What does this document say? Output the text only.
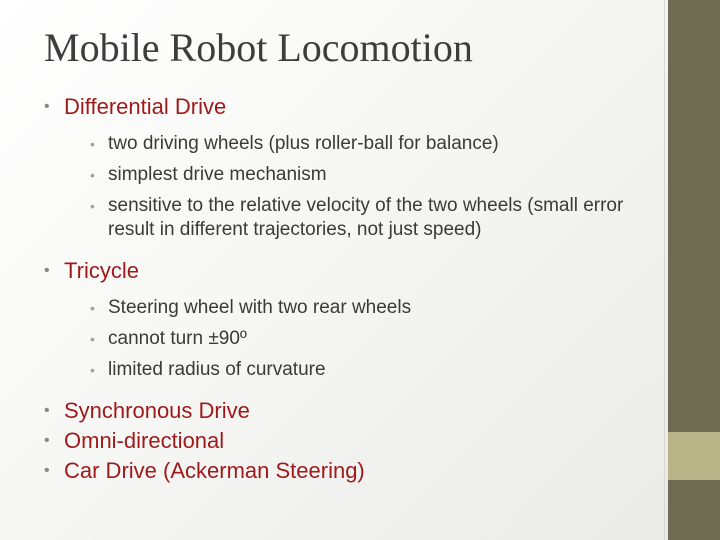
Mobile Robot Locomotion
• Differential Drive
• two driving wheels (plus roller-ball for balance)
• simplest drive mechanism
• sensitive to the relative velocity of the two wheels (small error result in different trajectories, not just speed)
• Tricycle
• Steering wheel with two rear wheels
• cannot turn ±90º
• limited radius of curvature
• Synchronous Drive
• Omni-directional
• Car Drive (Ackerman Steering)
